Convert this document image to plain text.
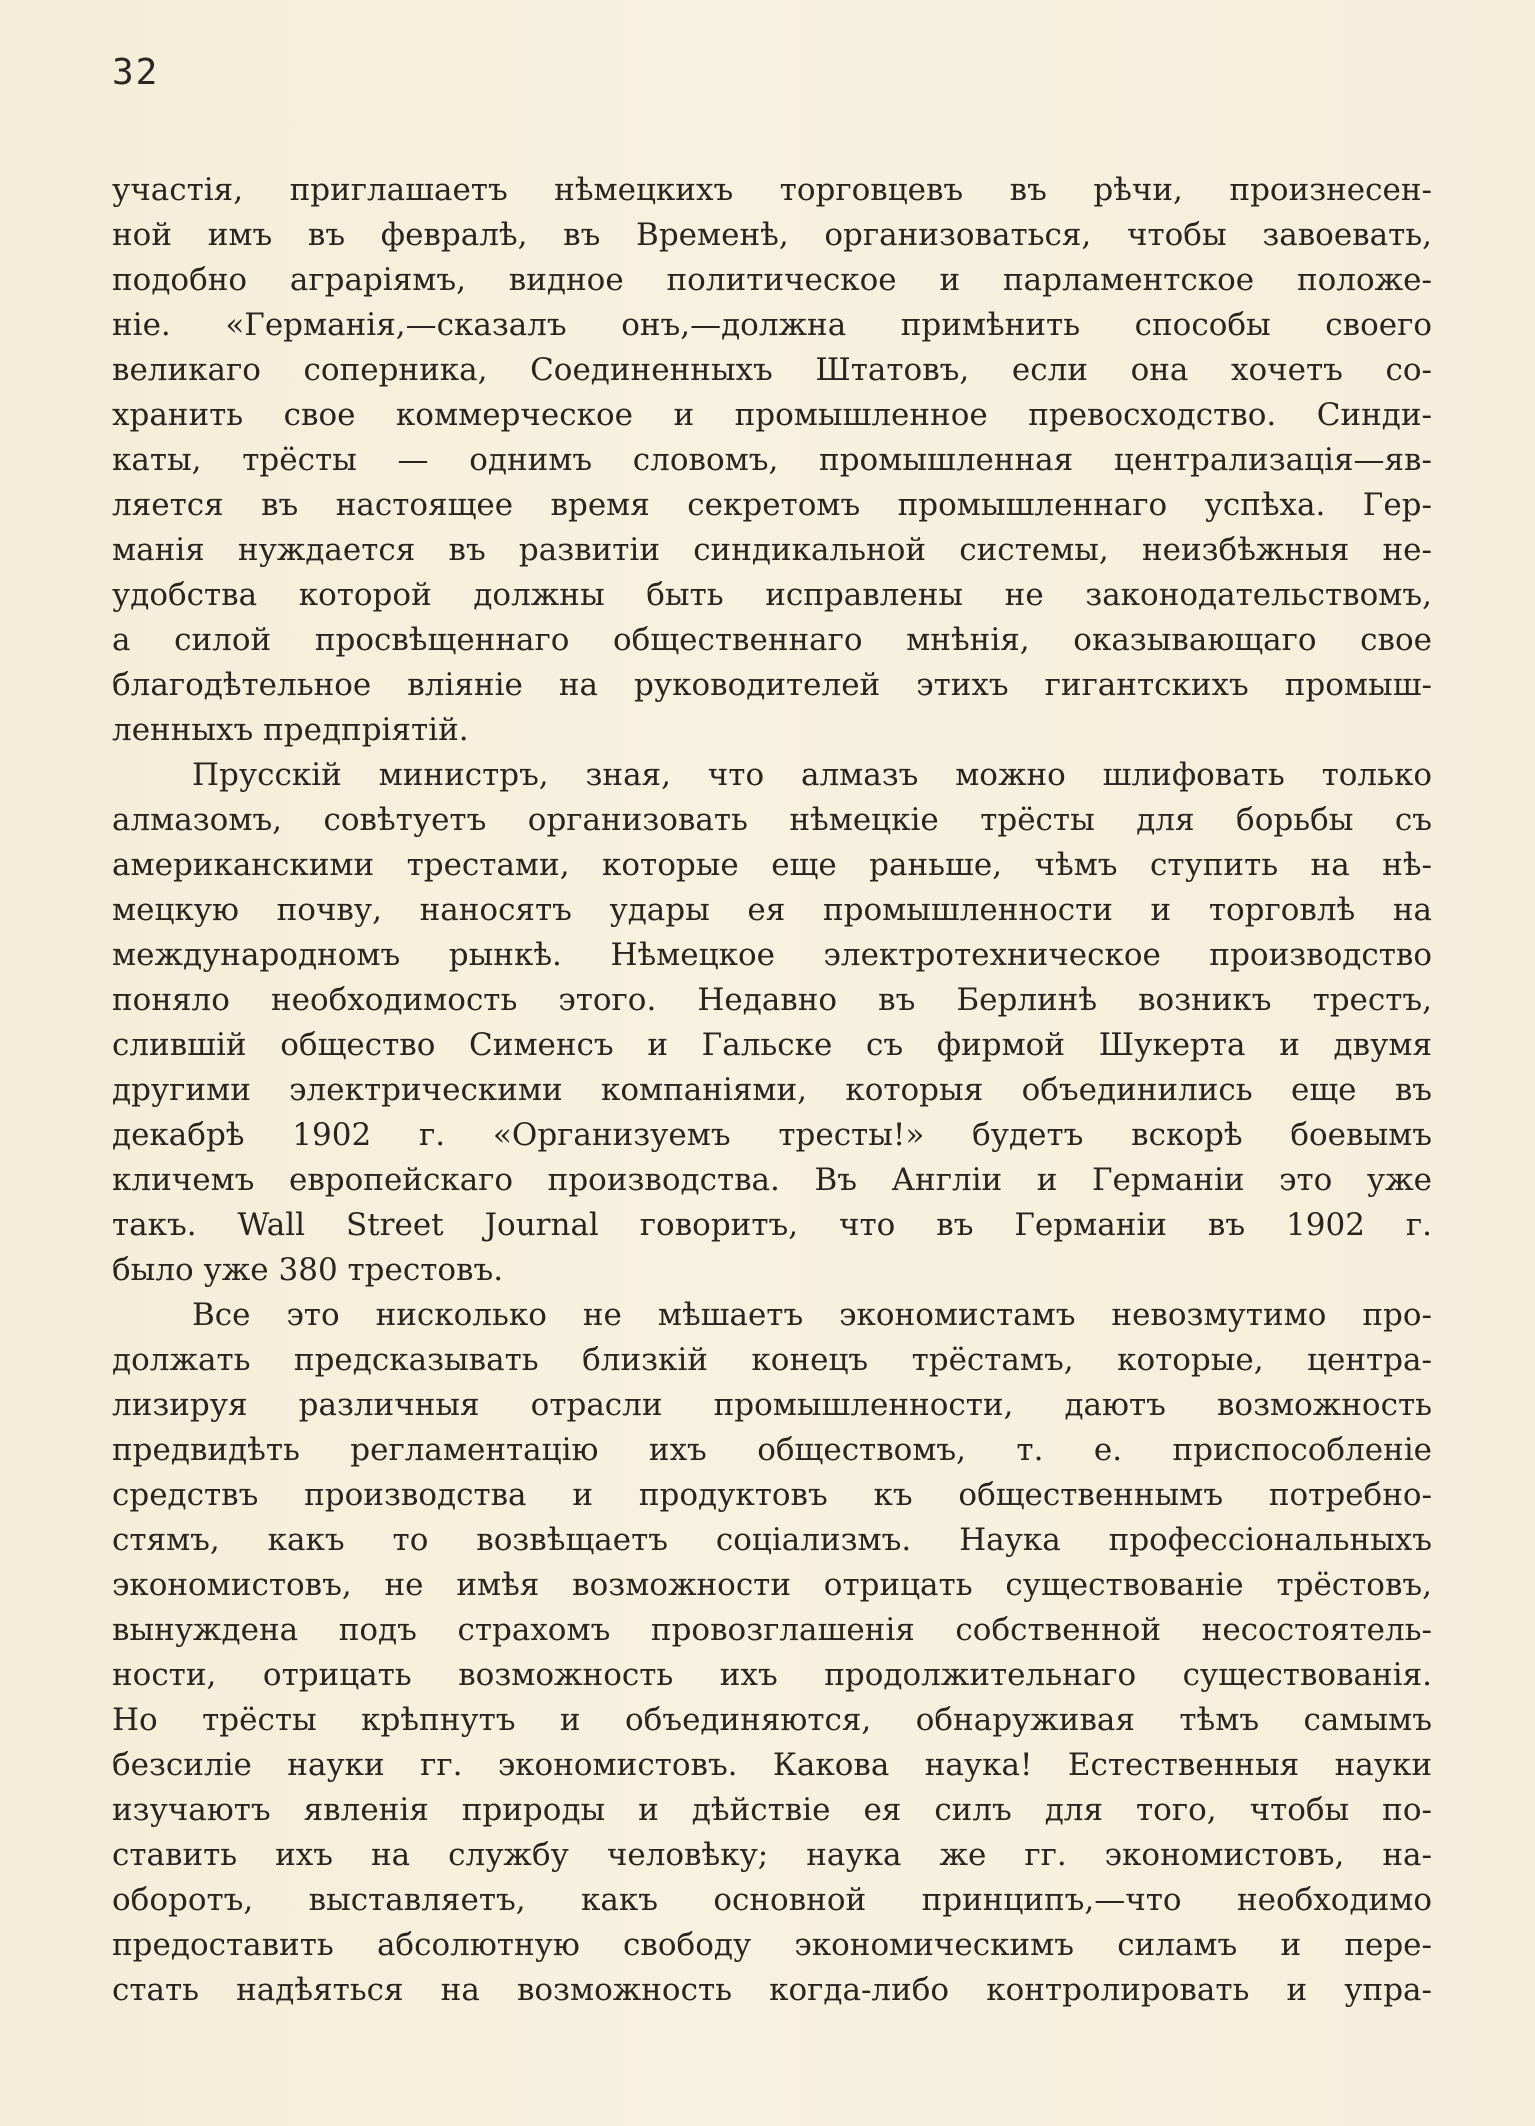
32
участія, приглашаетъ нѣмецкихъ торговцевъ въ рѣчи, произнесен-
ной имъ въ февралѣ, въ Временѣ, организоваться, чтобы завоевать,
подобно аграріямъ, видное политическое и парламентское положе-
ніе. «Германія,—сказалъ онъ,—должна примѣнить способы своего
великаго соперника, Соединенныхъ Штатовъ, если она хочетъ со-
хранить свое коммерческое и промышленное превосходство. Синди-
каты, трёсты — однимъ словомъ, промышленная централизація—яв-
ляется въ настоящее время секретомъ промышленнаго успѣха. Гер-
манія нуждается въ развитіи синдикальной системы, неизбѣжныя не-
удобства которой должны быть исправлены не законодательствомъ,
а силой просвѣщеннаго общественнаго мнѣнія, оказывающаго свое
благодѣтельное вліяніе на руководителей этихъ гигантскихъ промыш-
ленныхъ предпріятій.
Прусскій министръ, зная, что алмазъ можно шлифовать только
алмазомъ, совѣтуетъ организовать нѣмецкіе трёсты для борьбы съ
американскими трестами, которые еще раньше, чѣмъ ступить на нѣ-
мецкую почву, наносятъ удары ея промышленности и торговлѣ на
международномъ рынкѣ. Нѣмецкое электротехническое производство
поняло необходимость этого. Недавно въ Берлинѣ возникъ трестъ,
слившій общество Сименсъ и Гальске съ фирмой Шукерта и двумя
другими электрическими компаніями, которыя объединились еще въ
декабрѣ 1902 г. «Организуемъ тресты!» будетъ вскорѣ боевымъ
кличемъ европейскаго производства. Въ Англіи и Германіи это уже
такъ. Wall Street Journal говоритъ, что въ Германіи въ 1902 г.
было уже 380 трестовъ.
Все это нисколько не мѣшаетъ экономистамъ невозмутимо про-
должать предсказывать близкій конецъ трёстамъ, которые, центра-
лизируя различныя отрасли промышленности, даютъ возможность
предвидѣть регламентацію ихъ обществомъ, т. е. приспособленіе
средствъ производства и продуктовъ къ общественнымъ потребно-
стямъ, какъ то возвѣщаетъ соціализмъ. Наука профессіональныхъ
экономистовъ, не имѣя возможности отрицать существованіе трёстовъ,
вынуждена подъ страхомъ провозглашенія собственной несостоятель-
ности, отрицать возможность ихъ продолжительнаго существованія.
Но трёсты крѣпнутъ и объединяются, обнаруживая тѣмъ самымъ
безсиліе науки гг. экономистовъ. Какова наука! Естественныя науки
изучаютъ явленія природы и дѣйствіе ея силъ для того, чтобы по-
ставить ихъ на службу человѣку; наука же гг. экономистовъ, на-
оборотъ, выставляетъ, какъ основной принципъ,—что необходимо
предоставить абсолютную свободу экономическимъ силамъ и пере-
стать надѣяться на возможность когда-либо контролировать и упра-
